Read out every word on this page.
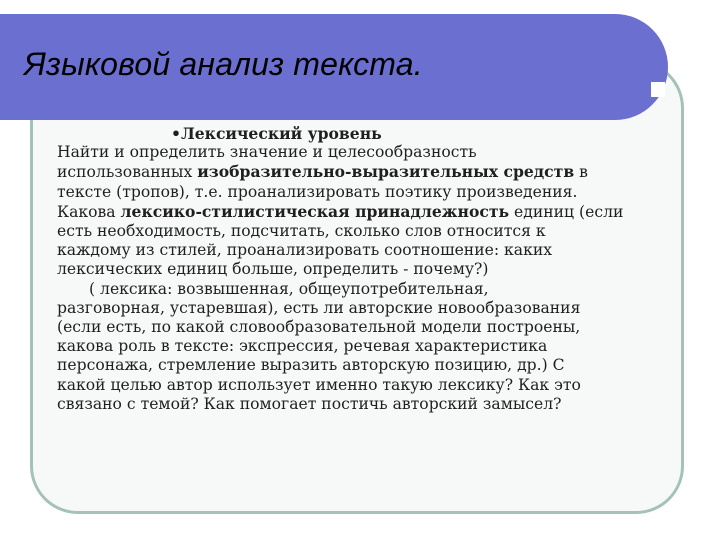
Языковой анализ текста.
•Лексический уровень
Найти и определить значение и целесообразность
использованных изобразительно-выразительных средств в
тексте (тропов), т.е. проанализировать поэтику произведения.
Какова лексико-стилистическая принадлежность единиц (если
есть необходимость, подсчитать, сколько слов относится к
каждому из стилей, проанализировать соотношение: каких
лексических единиц больше, определить - почему?)
( лексика: возвышенная, общеупотребительная,
разговорная, устаревшая), есть ли авторские новообразования
(если есть, по какой словообразовательной модели построены,
какова роль в тексте: экспрессия, речевая характеристика
персонажа, стремление выразить авторскую позицию, др.) С
какой целью автор использует именно такую лексику? Как это
связано с темой? Как помогает постичь авторский замысел?
